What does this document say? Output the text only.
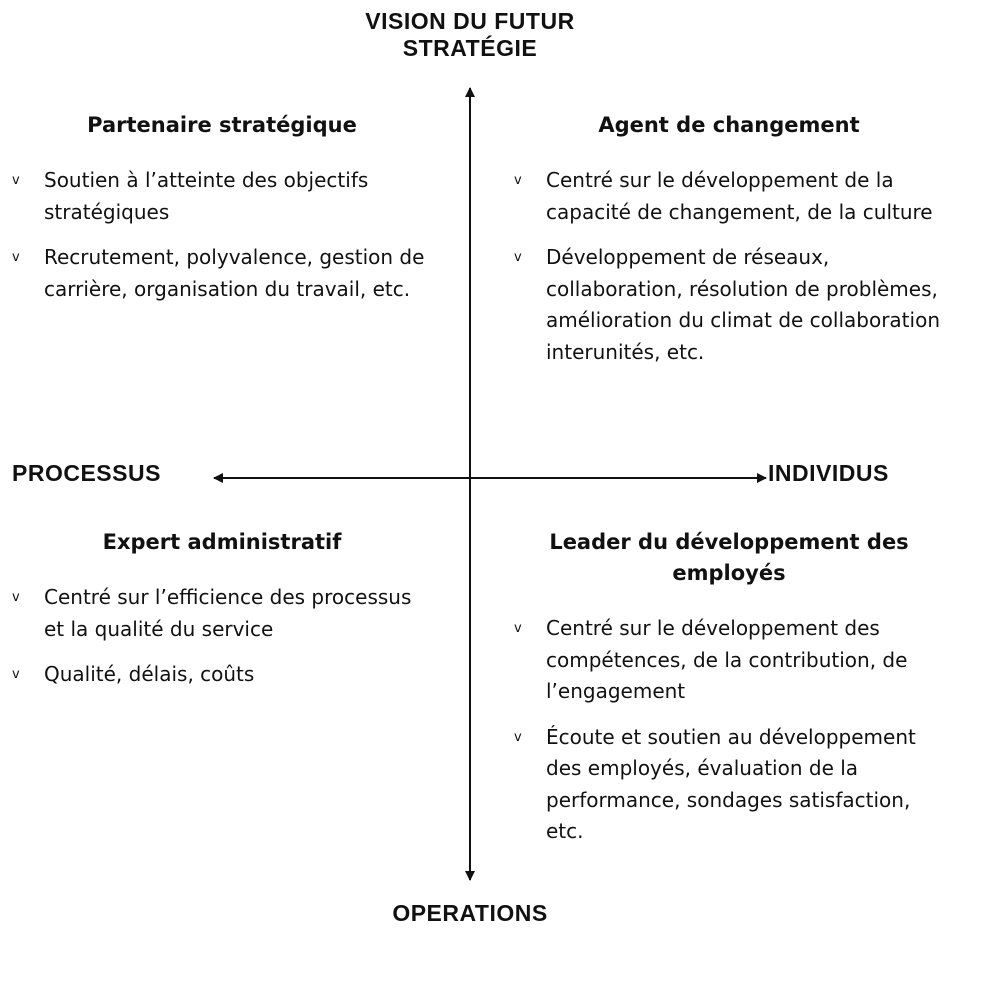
VISION DU FUTUR
STRATÉGIE
OPERATIONS
PROCESSUS	INDIVIDUS
Partenaire stratégique
v Soutien à l’atteinte des objectifs stratégiques
v Recrutement, polyvalence, gestion de carrière, organisation du travail, etc.
Agent de changement
v Centré sur le développement de la capacité de changement, de la culture
v Développement de réseaux, collaboration, résolution de problèmes, amélioration du climat de collaboration interunités, etc.
Expert administratif
v Centré sur l’efficience des processus et la qualité du service
v Qualité, délais, coûts
Leader du développement des employés
v Centré sur le développement des compétences, de la contribution, de l’engagement
v Écoute et soutien au développement des employés, évaluation de la performance, sondages satisfaction, etc.
